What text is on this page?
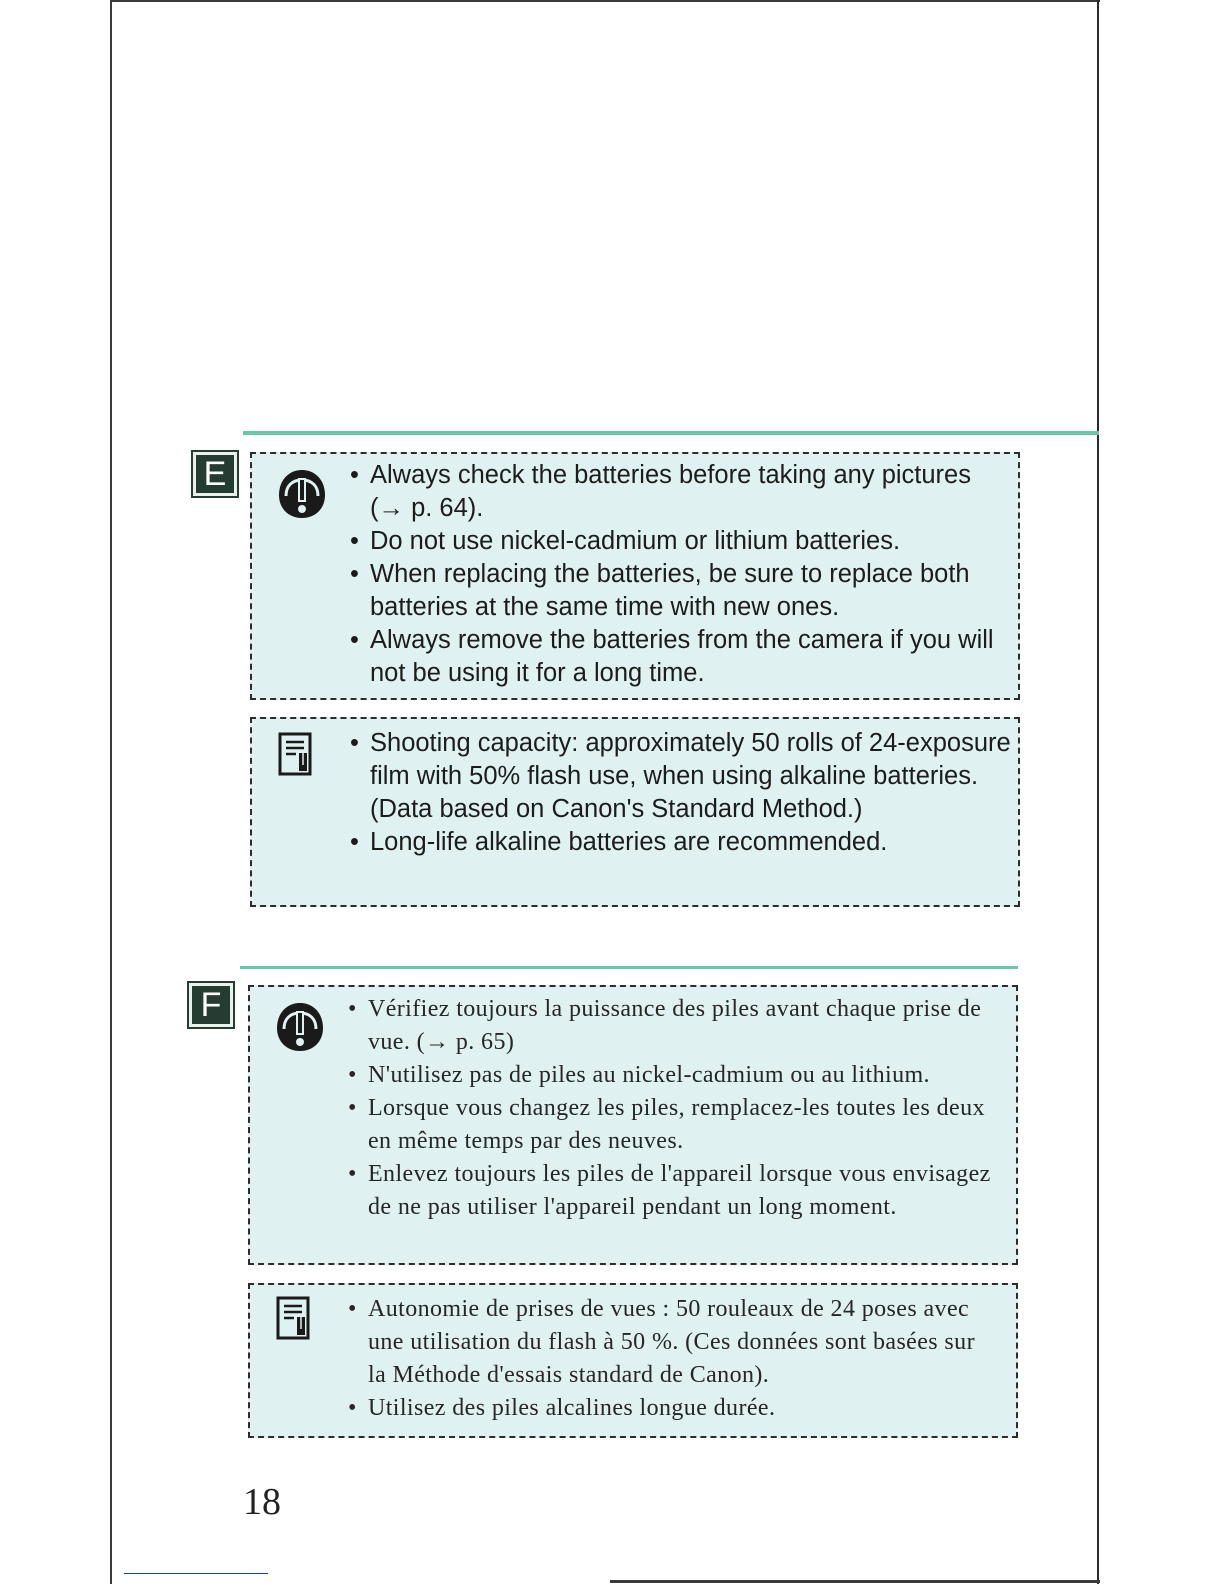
E	• Always check the batteries before taking any pictures (→ p. 64).
• Do not use nickel-cadmium or lithium batteries.
• When replacing the batteries, be sure to replace both batteries at the same time with new ones.
• Always remove the batteries from the camera if you will not be using it for a long time.
• Shooting capacity: approximately 50 rolls of 24-exposure film with 50% flash use, when using alkaline batteries. (Data based on Canon's Standard Method.)
• Long-life alkaline batteries are recommended.
F	• Vérifiez toujours la puissance des piles avant chaque prise de vue. (→ p. 65)
• N'utilisez pas de piles au nickel-cadmium ou au lithium.
• Lorsque vous changez les piles, remplacez-les toutes les deux en même temps par des neuves.
• Enlevez toujours les piles de l'appareil lorsque vous envisagez de ne pas utiliser l'appareil pendant un long moment.
• Autonomie de prises de vues : 50 rouleaux de 24 poses avec une utilisation du flash à 50 %. (Ces données sont basées sur la Méthode d'essais standard de Canon).
• Utilisez des piles alcalines longue durée.
18
